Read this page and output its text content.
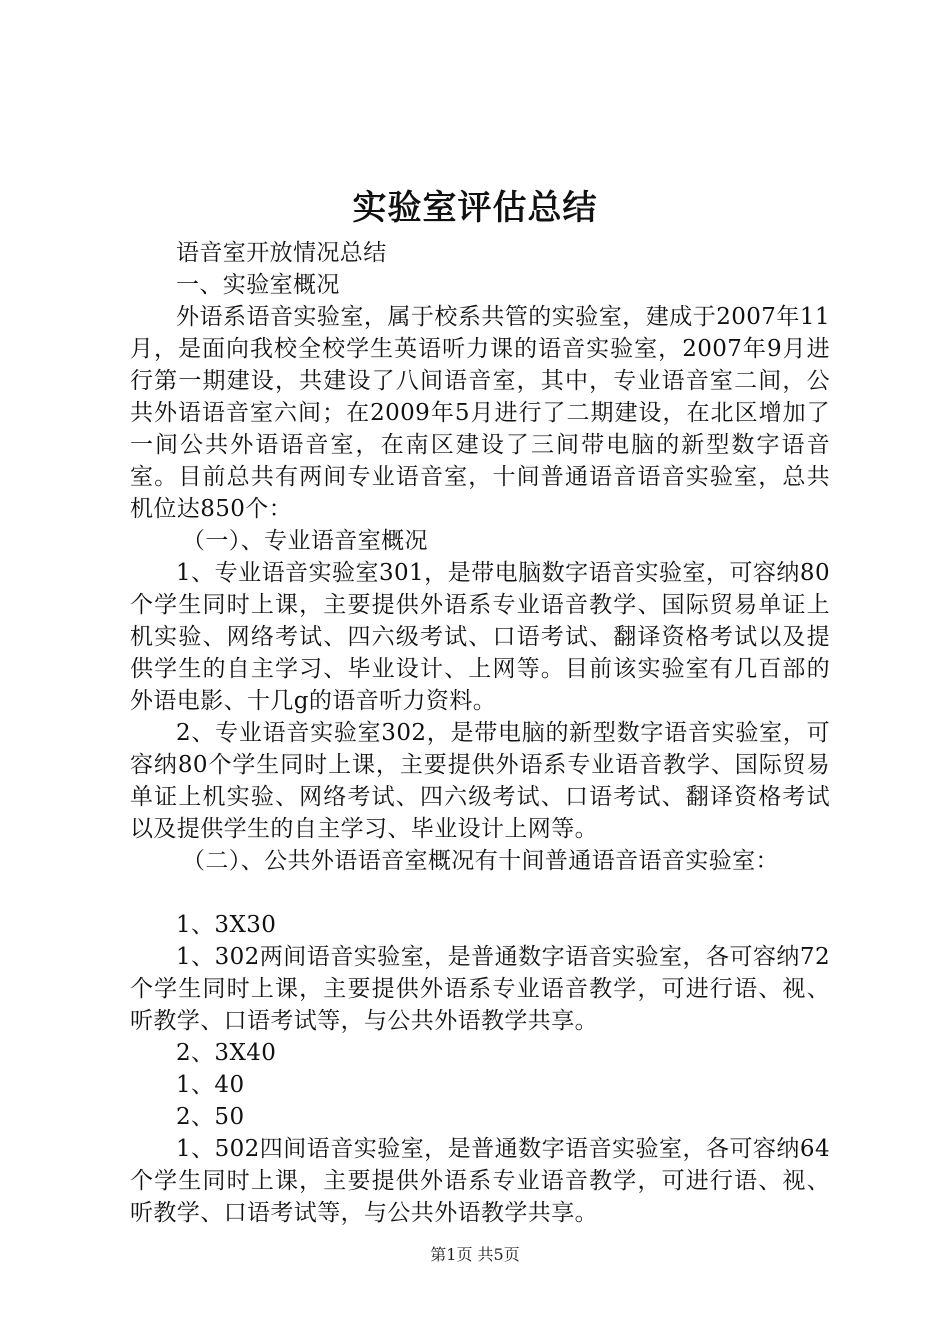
实验室评估总结

语音室开放情况总结

一、实验室概况

外语系语音实验室，属于校系共管的实验室，建成于2007年11月，是面向我校全校学生英语听力课的语音实验室，2007年9月进行第一期建设，共建设了八间语音室，其中，专业语音室二间，公共外语语音室六间；在2009年5月进行了二期建设，在北区增加了一间公共外语语音室，在南区建设了三间带电脑的新型数字语音室。目前总共有两间专业语音室，十间普通语音语音实验室，总共机位达850个：

（一）、专业语音室概况

1、专业语音实验室301，是带电脑数字语音实验室，可容纳80个学生同时上课，主要提供外语系专业语音教学、国际贸易单证上机实验、网络考试、四六级考试、口语考试、翻译资格考试以及提供学生的自主学习、毕业设计、上网等。目前该实验室有几百部的外语电影、十几g的语音听力资料。

2、专业语音实验室302，是带电脑的新型数字语音实验室，可容纳80个学生同时上课，主要提供外语系专业语音教学、国际贸易单证上机实验、网络考试、四六级考试、口语考试、翻译资格考试以及提供学生的自主学习、毕业设计上网等。

（二）、公共外语语音室概况有十间普通语音语音实验室：

1、3X30

1、302两间语音实验室，是普通数字语音实验室，各可容纳72个学生同时上课，主要提供外语系专业语音教学，可进行语、视、听教学、口语考试等，与公共外语教学共享。

2、3X40

1、40

2、50

1、502四间语音实验室，是普通数字语音实验室，各可容纳64个学生同时上课，主要提供外语系专业语音教学，可进行语、视、听教学、口语考试等，与公共外语教学共享。

第1页 共5页
